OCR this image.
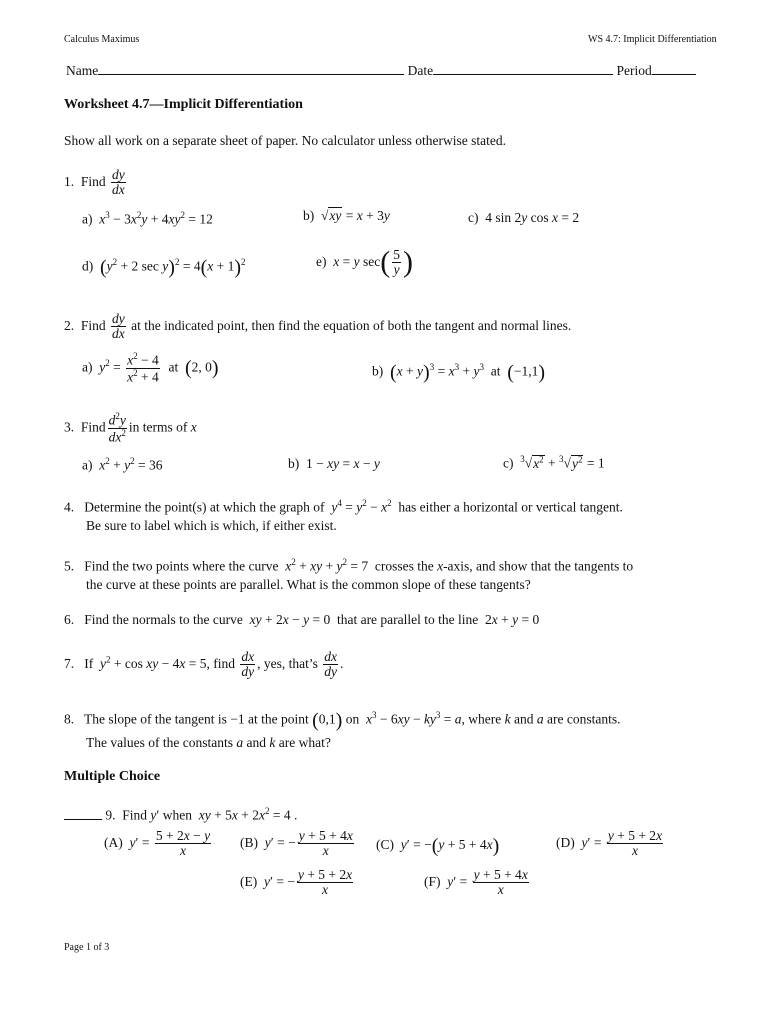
Calculus Maximus	WS 4.7: Implicit Differentiation
Name	Date	Period
Worksheet 4.7—Implicit Differentiation
Show all work on a separate sheet of paper. No calculator unless otherwise stated.
1. Find $\frac{dy}{dx}$
a) $x^3 - 3x^2y + 4xy^2 = 12$	b)  √xy = x + 3y	c)  4 sin 2y cos x = 2
d) ($y^2 + 2$ $\sec y)^2 = 4(x + 1)^2$	e) x = y $\sec( \frac{5}{y}$ )
2. Find $\frac{dy}{dx}$ at the indicated point, then find the equation of both the tangent and normal lines.
a) $y^2 = \frac{x^2 - 4}{x^2 + 4}$ at (2, 0)	b) $(x + y)^3 = x^3 + y^3$ at (−1,1)
3.  Find $\frac{d^2y}{dx^2}$ in terms of x
a) $x^2 + y^2 = 36$	b)  1 − xy = x − y	c) $^3√x^2 + ^3√y^2 = 1$
4. Determine the point(s) at which the graph of $y^4 = y^2 - x^2$ has either a horizontal or vertical tangent.
Be sure to label which is which, if either exist.
5. Find the two points where the curve $x^2$ + xy + $y^2 = 7$  crosses the x-axis, and show that the tangents to
the curve at these points are parallel. What is the common slope of these tangents?
6. Find the normals to the curve xy + 2x − y = 0  that are parallel to the line  2x + y = 0
7. If $y^2 + \cos$ xy − 4x = 5, find $\frac{dx}{dy}$ , yes, that’s $\frac{dx}{dy}$ .
8. The slope of the tangent is −1 at the point (0,1) on $x^3 - 6xy - ky^3 = a$, where k and a are constants.
The values of the constants a and k are what?
Multiple Choice
9. Find y′ when xy + $5x + 2x^2 = 4$ .
(A) $y' = \frac{5 + 2x - y}{x} (B) y'$ = − $\frac{y + 5 + 4x}{x} (C) y' = -(y + 5 + 4x)$	(D) $y' = \frac{y + 5 + 2x}{x}$
(E) y′ = − $\frac{y + 5 + 2x}{x}$	(F) $y' = \frac{y + 5 + 4x}{x}$
Page 1 of 3
